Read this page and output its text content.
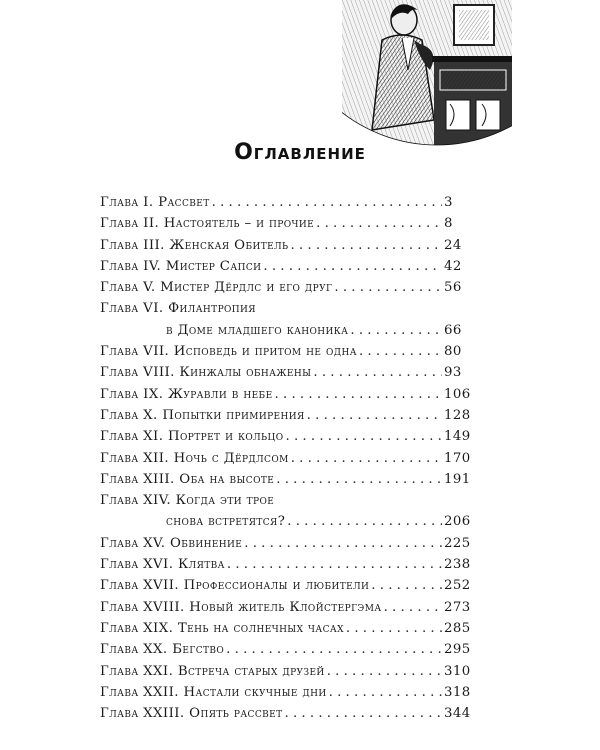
Оглавление
Глава I. Рассвет . . .	3
Глава II. Настоятель – и прочие . . .	8
Глава III. Женская Обитель . . .	24
Глава IV. Мистер Сапси . . .	42
Глава V. Мистер Дёрдлс и его друг . . .	56
Глава VI. Филантропия
в Доме младшего каноника . . .	66
Глава VII. Исповедь и притом не одна . . .	80
Глава VIII. Кинжалы обнажены . . .	93
Глава IX. Журавли в небе . . .	106
Глава X. Попытки примирения . . .	128
Глава XI. Портрет и кольцо . . .	149
Глава XII. Ночь с Дёрдлсом . . .	170
Глава XIII. Оба на высоте . . .	191
Глава XIV. Когда эти трое
снова встретятся? . . .	206
Глава XV. Обвинение . . .	225
Глава XVI. Клятва . . .	238
Глава XVII. Профессионалы и любители . . .	252
Глава XVIII. Новый житель Клойстергэма . . .	273
Глава XIX. Тень на солнечных часах . . .	285
Глава XX. Бегство . . .	295
Глава XXI. Встреча старых друзей . . .	310
Глава XXII. Настали скучные дни . . .	318
Глава XXIII. Опять рассвет . . .	344
